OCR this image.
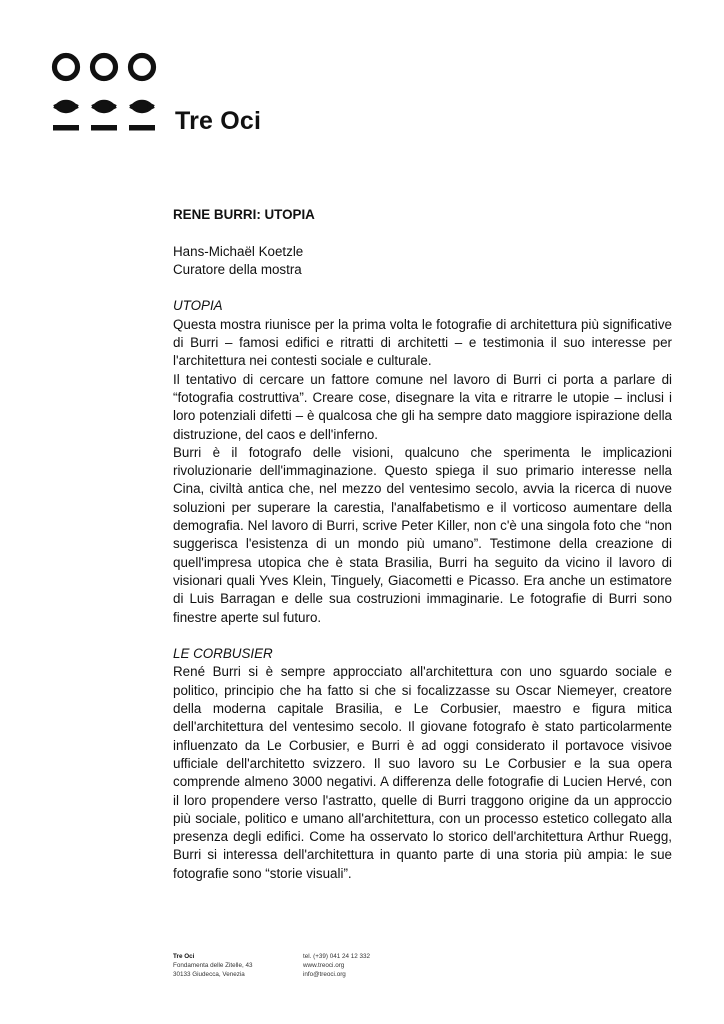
Tre Oci

RENE BURRI: UTOPIA

Hans-Michaël Koetzle

Curatore della mostra

UTOPIA

Questa mostra riunisce per la prima volta le fotografie di architettura più significative di Burri – famosi edifici e ritratti di architetti – e testimonia il suo interesse per l'architettura nei contesti sociale e culturale.

Il tentativo di cercare un fattore comune nel lavoro di Burri ci porta a parlare di “fotografia costruttiva”. Creare cose, disegnare la vita e ritrarre le utopie – inclusi i loro potenziali difetti – è qualcosa che gli ha sempre dato maggiore ispirazione della distruzione, del caos e dell'inferno.

Burri è il fotografo delle visioni, qualcuno che sperimenta le implicazioni rivoluzionarie dell'immaginazione. Questo spiega il suo primario interesse nella Cina, civiltà antica che, nel mezzo del ventesimo secolo, avvia la ricerca di nuove soluzioni per superare la carestia, l'analfabetismo e il vorticoso aumentare della demografia. Nel lavoro di Burri, scrive Peter Killer, non c'è una singola foto che “non suggerisca l'esistenza di un mondo più umano”. Testimone della creazione di quell'impresa utopica che è stata Brasilia, Burri ha seguito da vicino il lavoro di visionari quali Yves Klein, Tinguely, Giacometti e Picasso. Era anche un estimatore di Luis Barragan e delle sua costruzioni immaginarie. Le fotografie di Burri sono finestre aperte sul futuro.

LE CORBUSIER

René Burri si è sempre approcciato all'architettura con uno sguardo sociale e politico, principio che ha fatto si che si focalizzasse su Oscar Niemeyer, creatore della moderna capitale Brasilia, e Le Corbusier, maestro e figura mitica dell'architettura del ventesimo secolo. Il giovane fotografo è stato particolarmente influenzato da Le Corbusier, e Burri è ad oggi considerato il portavoce visivoe ufficiale dell'architetto svizzero. Il suo lavoro su Le Corbusier e la sua opera comprende almeno 3000 negativi. A differenza delle fotografie di Lucien Hervé, con il loro propendere verso l'astratto, quelle di Burri traggono origine da un approccio più sociale, politico e umano all'architettura, con un processo estetico collegato alla presenza degli edifici. Come ha osservato lo storico dell'architettura Arthur Ruegg, Burri si interessa dell'architettura in quanto parte di una storia più ampia: le sue fotografie sono “storie visuali”.

Tre Oci
Fondamenta delle Zitelle, 43
30133 Giudecca, Venezia
tel. (+39) 041 24 12 332
www.treoci.org
info@treoci.org
